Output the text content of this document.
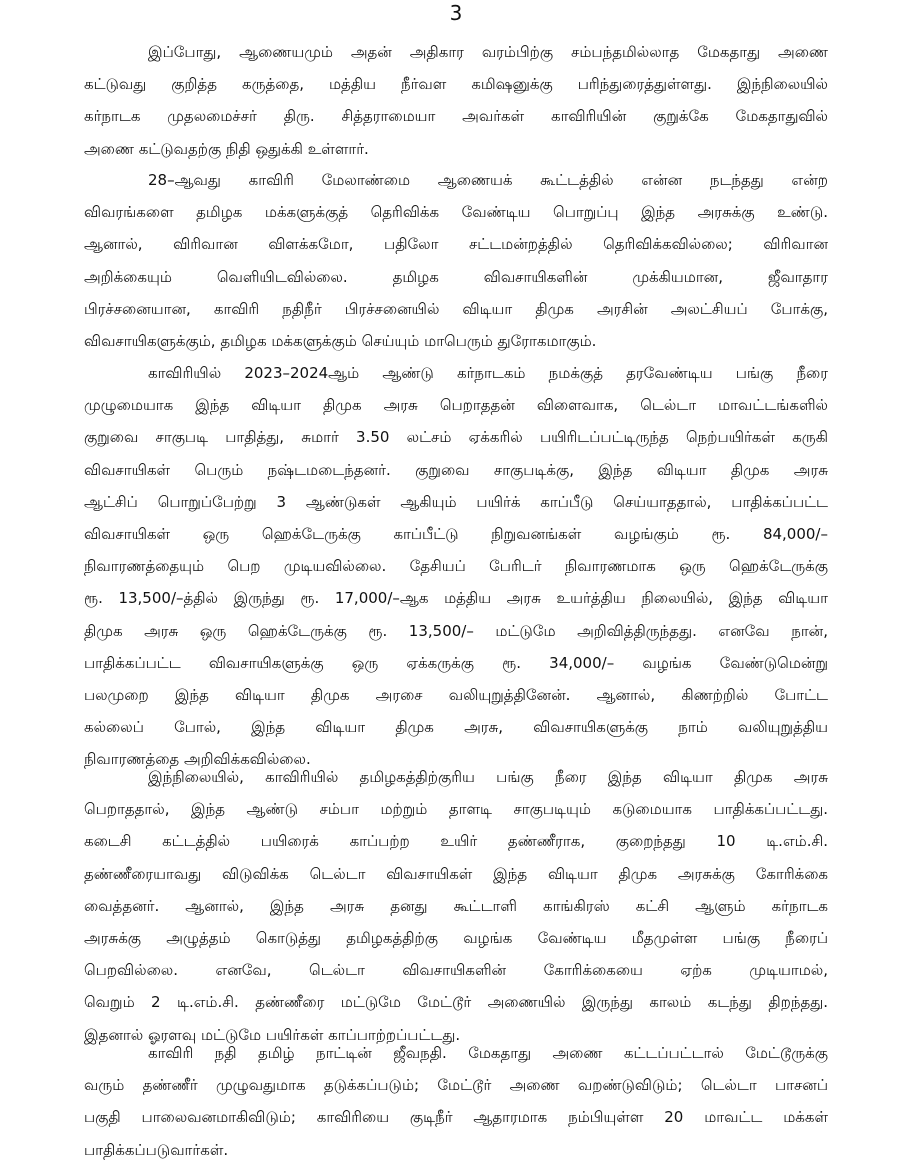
3

இப்போது, ஆணையமும் அதன் அதிகார வரம்பிற்கு சம்பந்தமில்லாத மேகதாது அணை
கட்டுவது குறித்த கருத்தை, மத்திய நீர்வள கமிஷனுக்கு பரிந்துரைத்துள்ளது. இந்நிலையில்
கர்நாடக முதலமைச்சர் திரு. சித்தராமையா அவர்கள் காவிரியின் குறுக்கே மேகதாதுவில்
அணை கட்டுவதற்கு நிதி ஒதுக்கி உள்ளார்.

28–ஆவது காவிரி மேலாண்மை ஆணையக் கூட்டத்தில் என்ன நடந்தது என்ற
விவரங்களை தமிழக மக்களுக்குத் தெரிவிக்க வேண்டிய பொறுப்பு இந்த அரசுக்கு உண்டு.
ஆனால், விரிவான விளக்கமோ, பதிலோ சட்டமன்றத்தில் தெரிவிக்கவில்லை; விரிவான
அறிக்கையும் வெளியிடவில்லை. தமிழக விவசாயிகளின் முக்கியமான, ஜீவாதார
பிரச்சனையான, காவிரி நதிநீர் பிரச்சனையில் விடியா திமுக அரசின் அலட்சியப் போக்கு,
விவசாயிகளுக்கும், தமிழக மக்களுக்கும் செய்யும் மாபெரும் துரோகமாகும்.

காவிரியில் 2023–2024ஆம் ஆண்டு கர்நாடகம் நமக்குத் தரவேண்டிய பங்கு நீரை
முழுமையாக இந்த விடியா திமுக அரசு பெறாததன் விளைவாக, டெல்டா மாவட்டங்களில்
குறுவை சாகுபடி பாதித்து, சுமார் 3.50 லட்சம் ஏக்கரில் பயிரிடப்பட்டிருந்த நெற்பயிர்கள் கருகி
விவசாயிகள் பெரும் நஷ்டமடைந்தனர். குறுவை சாகுபடிக்கு, இந்த விடியா திமுக அரசு
ஆட்சிப் பொறுப்பேற்று 3 ஆண்டுகள் ஆகியும் பயிர்க் காப்பீடு செய்யாததால், பாதிக்கப்பட்ட
விவசாயிகள் ஒரு ஹெக்டேருக்கு காப்பீட்டு நிறுவனங்கள் வழங்கும் ரூ. 84,000/–
நிவாரணத்தையும் பெற முடியவில்லை. தேசியப் பேரிடர் நிவாரணமாக ஒரு ஹெக்டேருக்கு
ரூ. 13,500/–த்தில் இருந்து ரூ. 17,000/–ஆக மத்திய அரசு உயர்த்திய நிலையில், இந்த விடியா
திமுக அரசு ஒரு ஹெக்டேருக்கு ரூ. 13,500/– மட்டுமே அறிவித்திருந்தது. எனவே நான்,
பாதிக்கப்பட்ட விவசாயிகளுக்கு ஒரு ஏக்கருக்கு ரூ. 34,000/– வழங்க வேண்டுமென்று
பலமுறை இந்த விடியா திமுக அரசை வலியுறுத்தினேன். ஆனால், கிணற்றில் போட்ட
கல்லைப் போல், இந்த விடியா திமுக அரசு, விவசாயிகளுக்கு நாம் வலியுறுத்திய
நிவாரணத்தை அறிவிக்கவில்லை.

இந்நிலையில், காவிரியில் தமிழகத்திற்குரிய பங்கு நீரை இந்த விடியா திமுக அரசு
பெறாததால், இந்த ஆண்டு சம்பா மற்றும் தாளடி சாகுபடியும் கடுமையாக பாதிக்கப்பட்டது.
கடைசி கட்டத்தில் பயிரைக் காப்பற்ற உயிர் தண்ணீராக, குறைந்தது 10 டி.எம்.சி.
தண்ணீரையாவது விடுவிக்க டெல்டா விவசாயிகள் இந்த விடியா திமுக அரசுக்கு கோரிக்கை
வைத்தனர். ஆனால், இந்த அரசு தனது கூட்டாளி காங்கிரஸ் கட்சி ஆளும் கர்நாடக
அரசுக்கு அழுத்தம் கொடுத்து தமிழகத்திற்கு வழங்க வேண்டிய மீதமுள்ள பங்கு நீரைப்
பெறவில்லை. எனவே, டெல்டா விவசாயிகளின் கோரிக்கையை ஏற்க முடியாமல்,
வெறும் 2 டி.எம்.சி. தண்ணீரை மட்டுமே மேட்டூர் அணையில் இருந்து காலம் கடந்து திறந்தது.
இதனால் ஓரளவு மட்டுமே பயிர்கள் காப்பாற்றப்பட்டது.

காவிரி நதி தமிழ் நாட்டின் ஜீவநதி. மேகதாது அணை கட்டப்பட்டால் மேட்டூருக்கு
வரும் தண்ணீர் முழுவதுமாக தடுக்கப்படும்; மேட்டூர் அணை வறண்டுவிடும்; டெல்டா பாசனப்
பகுதி பாலைவனமாகிவிடும்; காவிரியை குடிநீர் ஆதாரமாக நம்பியுள்ள 20 மாவட்ட மக்கள்
பாதிக்கப்படுவார்கள்.
